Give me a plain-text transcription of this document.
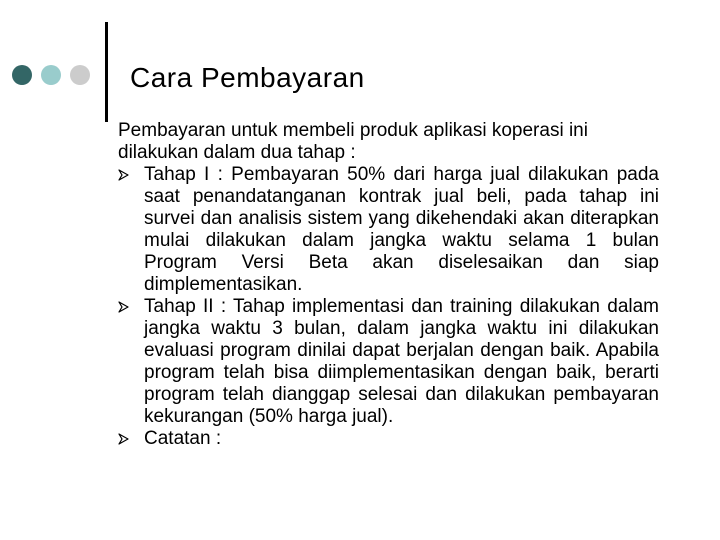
Cara Pembayaran

Pembayaran untuk membeli produk aplikasi koperasi ini dilakukan dalam dua tahap :

Tahap I : Pembayaran 50% dari harga jual dilakukan pada saat penandatanganan kontrak jual beli, pada tahap ini survei dan analisis sistem yang dikehendaki akan diterapkan mulai dilakukan dalam jangka waktu selama 1 bulan Program Versi Beta akan diselesaikan dan siap dimplementasikan.
Tahap II : Tahap implementasi dan training dilakukan dalam jangka waktu 3 bulan, dalam jangka waktu ini dilakukan evaluasi program dinilai dapat berjalan dengan baik. Apabila program telah bisa diimplementasikan dengan baik, berarti program telah dianggap selesai dan dilakukan pembayaran kekurangan (50% harga jual).
Catatan :
